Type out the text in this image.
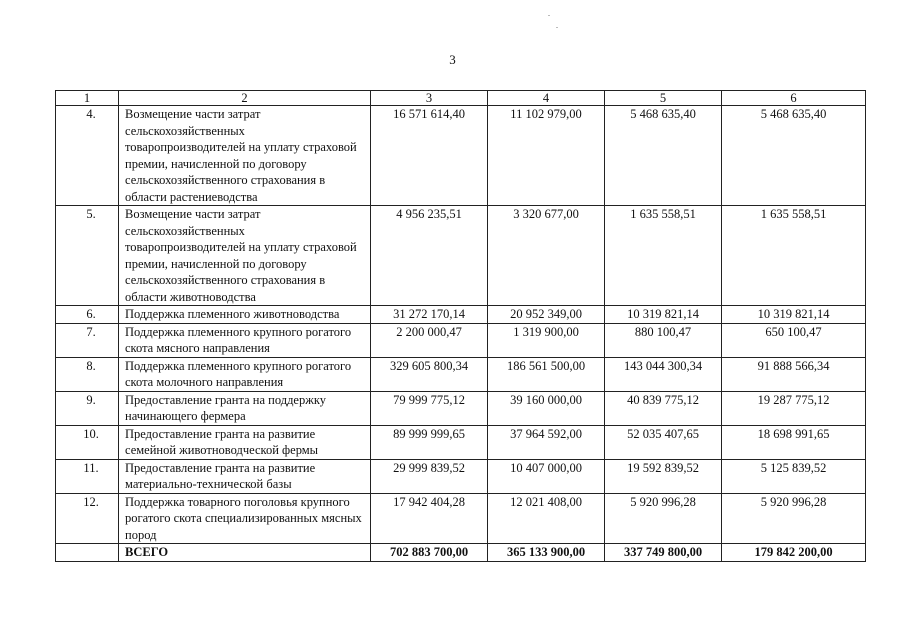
3
1	2	3	4	5	6
4.	Возмещение части затрат сельскохозяйственных товаропроизводителей на уплату страховой премии, начисленной по договору сельскохозяйственного страхования в области растениеводства	16 571 614,40	11 102 979,00	5 468 635,40	5 468 635,40
5.	Возмещение части затрат сельскохозяйственных товаропроизводителей на уплату страховой премии, начисленной по договору сельскохозяйственного страхования в области животноводства	4 956 235,51	3 320 677,00	1 635 558,51	1 635 558,51
6.	Поддержка племенного животноводства	31 272 170,14	20 952 349,00	10 319 821,14	10 319 821,14
7.	Поддержка племенного крупного рогатого скота мясного направления	2 200 000,47	1 319 900,00	880 100,47	650 100,47
8.	Поддержка племенного крупного рогатого скота молочного направления	329 605 800,34	186 561 500,00	143 044 300,34	91 888 566,34
9.	Предоставление гранта на поддержку начинающего фермера	79 999 775,12	39 160 000,00	40 839 775,12	19 287 775,12
10.	Предоставление гранта на развитие семейной животноводческой фермы	89 999 999,65	37 964 592,00	52 035 407,65	18 698 991,65
11.	Предоставление гранта на развитие материально-технической базы	29 999 839,52	10 407 000,00	19 592 839,52	5 125 839,52
12.	Поддержка товарного поголовья крупного рогатого скота специализированных мясных пород	17 942 404,28	12 021 408,00	5 920 996,28	5 920 996,28
	ВСЕГО	702 883 700,00	365 133 900,00	337 749 800,00	179 842 200,00
